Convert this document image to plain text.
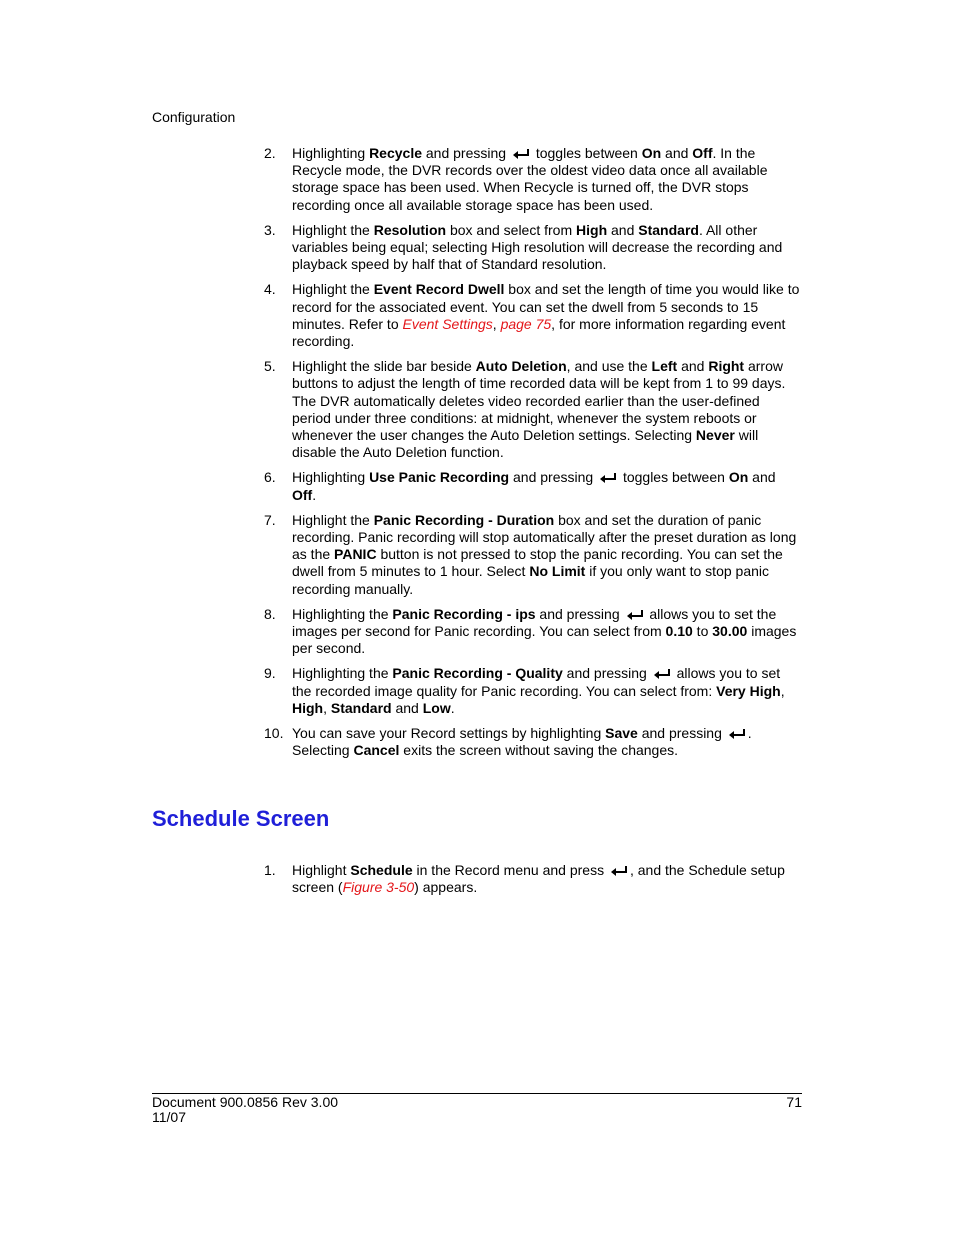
Configuration
2. Highlighting Recycle and pressing  toggles between On and Off. In the Recycle mode, the DVR records over the oldest video data once all available storage space has been used. When Recycle is turned off, the DVR stops recording once all available storage space has been used.
3. Highlight the Resolution box and select from High and Standard. All other variables being equal; selecting High resolution will decrease the recording and playback speed by half that of Standard resolution.
4. Highlight the Event Record Dwell box and set the length of time you would like to record for the associated event. You can set the dwell from 5 seconds to 15 minutes. Refer to Event Settings, page 75, for more information regarding event recording.
5. Highlight the slide bar beside Auto Deletion, and use the Left and Right arrow buttons to adjust the length of time recorded data will be kept from 1 to 99 days. The DVR automatically deletes video recorded earlier than the user-defined period under three conditions: at midnight, whenever the system reboots or whenever the user changes the Auto Deletion settings. Selecting Never will disable the Auto Deletion function.
6. Highlighting Use Panic Recording and pressing  toggles between On and Off.
7. Highlight the Panic Recording - Duration box and set the duration of panic recording. Panic recording will stop automatically after the preset duration as long as the PANIC button is not pressed to stop the panic recording. You can set the dwell from 5 minutes to 1 hour. Select No Limit if you only want to stop panic recording manually.
8. Highlighting the Panic Recording - ips and pressing  allows you to set the images per second for Panic recording. You can select from 0.10 to 30.00 images per second.
9. Highlighting the Panic Recording - Quality and pressing  allows you to set the recorded image quality for Panic recording. You can select from: Very High, High, Standard and Low.
10. You can save your Record settings by highlighting Save and pressing . Selecting Cancel exits the screen without saving the changes.
Schedule Screen
1. Highlight Schedule in the Record menu and press , and the Schedule setup screen (Figure 3-50) appears.
Document 900.0856 Rev 3.00
11/07
71
